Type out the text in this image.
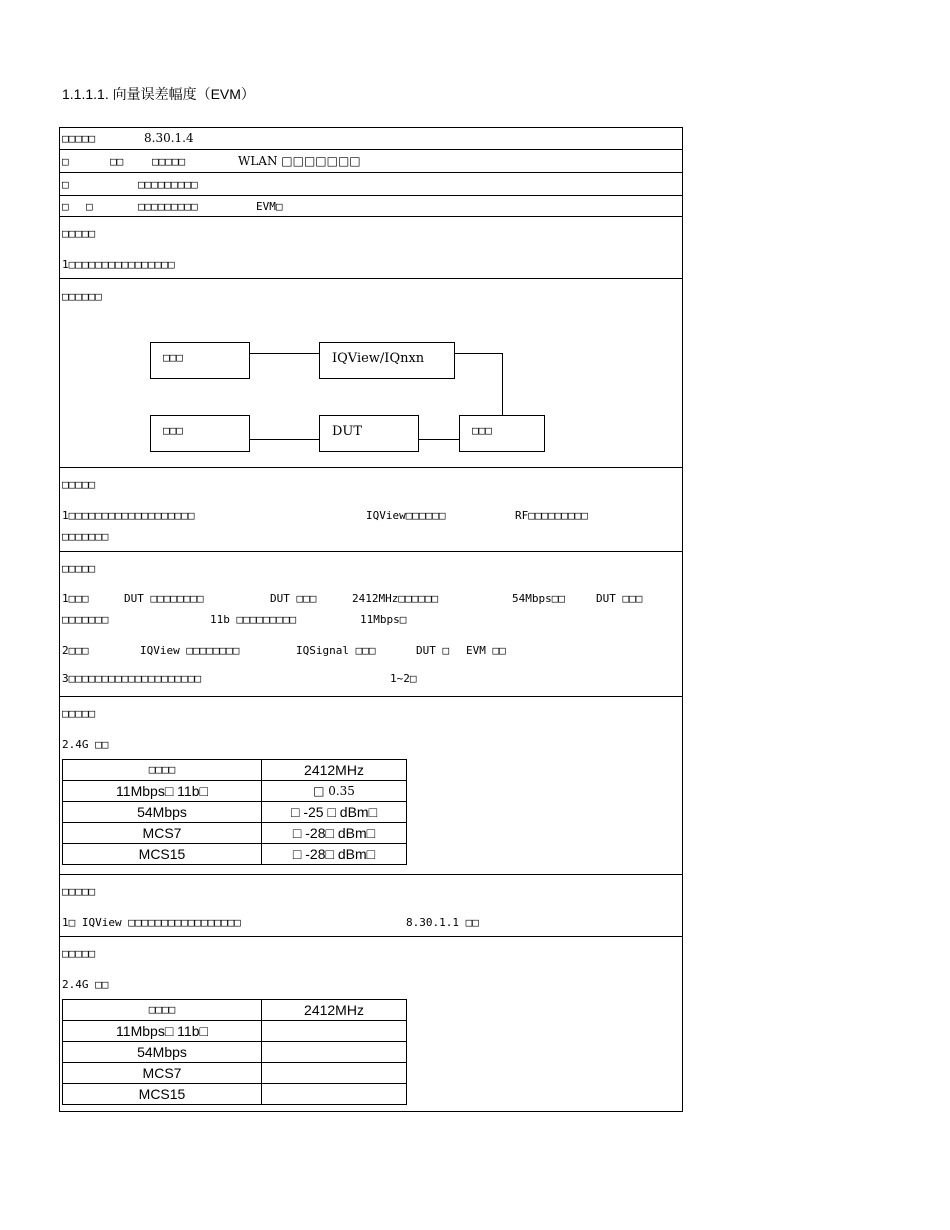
1.1.1.1. 向量误差幅度（EVM）
□□□□□	8.30.1.4
□	□□	□□□□□	WLAN □□□□□□□
□	□□□□□□□□□
□ □	□□□□□□□□□	EVM□
□□□□□
1□□□□□□□□□□□□□□□□
□□□□□□
□□□	IQView/IQnxn
□□□	DUT	□□□
□□□□□
1□□□□□□□□□□□□□□□□□□□	IQView□□□□□□	RF□□□□□□□□□
□□□□□□□
□□□□□
1□□□	DUT □□□□□□□□	DUT □□□	2412MHz□□□□□□	54Mbps□□	DUT □□□
□□□□□□□	11b □□□□□□□□□	11Mbps□
2□□□	IQView □□□□□□□□	IQSignal □□□	DUT □ EVM □□
3□□□□□□□□□□□□□□□□□□□□	1~2□
□□□□□
2.4G □□
□□□□	2412MHz
11Mbps□ 11b□	□ 0.35
54Mbps	□ -25 □ dBm□
MCS7	□ -28□ dBm□
MCS15	□ -28□ dBm□
□□□□□
1□ IQView □□□□□□□□□□□□□□□□□	8.30.1.1 □□
□□□□□
2.4G □□
□□□□	2412MHz
11Mbps□ 11b□	
54Mbps	
MCS7	
MCS15	
